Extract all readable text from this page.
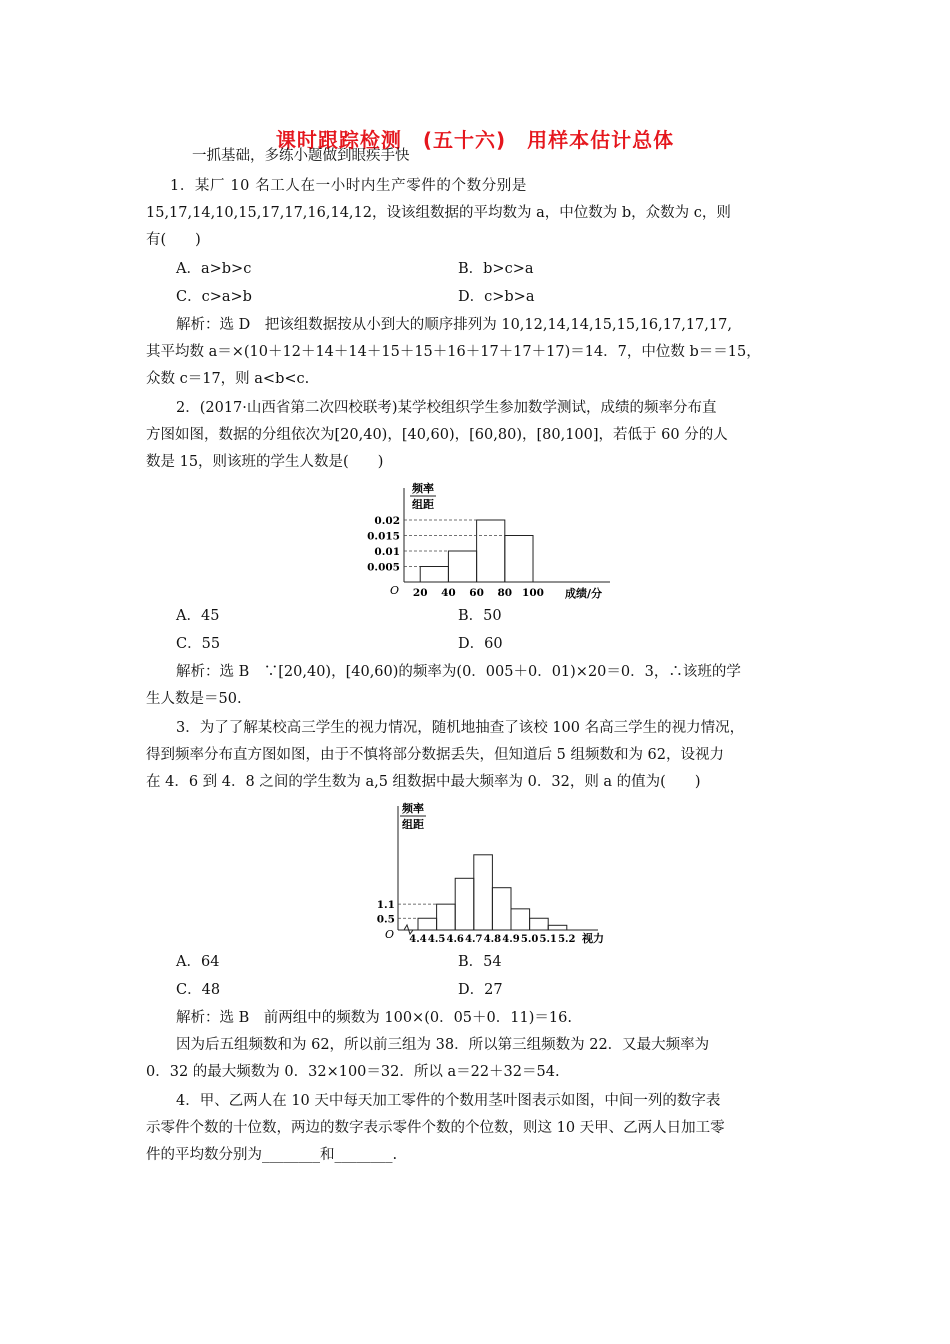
课时跟踪检测　(五十六)　用样本估计总体
一抓基础，多练小题做到眼疾手快
1．某厂 10 名工人在一小时内生产零件的个数分别是
15,17,14,10,15,17,17,16,14,12，设该组数据的平均数为 a，中位数为 b，众数为 c，则
有(　　)
A．a>b>c	B．b>c>a
C．c>a>b	D．c>b>a
解析：选 D　把该组数据按从小到大的顺序排列为 10,12,14,14,15,15,16,17,17,17,
其平均数 a＝×(10＋12＋14＋14＋15＋15＋16＋17＋17＋17)＝14．7，中位数 b＝＝15，
众数 c＝17，则 a<b<c.
2．(2017·山西省第二次四校联考)某学校组织学生参加数学测试，成绩的频率分布直
方图如图，数据的分组依次为[20,40)，[40,60)，[60,80)，[80,100]，若低于 60 分的人
数是 15，则该班的学生人数是(　　)
O
频率
组距
0.005
0.01
0.015
0.02
20 40 60 80 100 成绩/分
A．45	B．50
C．55	D．60
解析：选 B　∵[20,40)，[40,60)的频率为(0．005＋0．01)×20＝0．3，∴该班的学
生人数是＝50.
3．为了了解某校高三学生的视力情况，随机地抽查了该校 100 名高三学生的视力情况，
得到频率分布直方图如图，由于不慎将部分数据丢失，但知道后 5 组频数和为 62，设视力
在 4．6 到 4．8 之间的学生数为 a,5 组数据中最大频率为 0．32，则 a 的值为(　　)
O
频率
组距
0.5
1.1
4.4 4.5 4.6 4.7 4.8 4.9 5.0 5.1 5.2 视力
A．64	B．54
C．48	D．27
解析：选 B　前两组中的频数为 100×(0．05＋0．11)＝16.
因为后五组频数和为 62，所以前三组为 38．所以第三组频数为 22．又最大频率为
0．32 的最大频数为 0．32×100＝32．所以 a＝22＋32＝54.
4．甲、乙两人在 10 天中每天加工零件的个数用茎叶图表示如图，中间一列的数字表
示零件个数的十位数，两边的数字表示零件个数的个位数，则这 10 天甲、乙两人日加工零
件的平均数分别为________和________.
